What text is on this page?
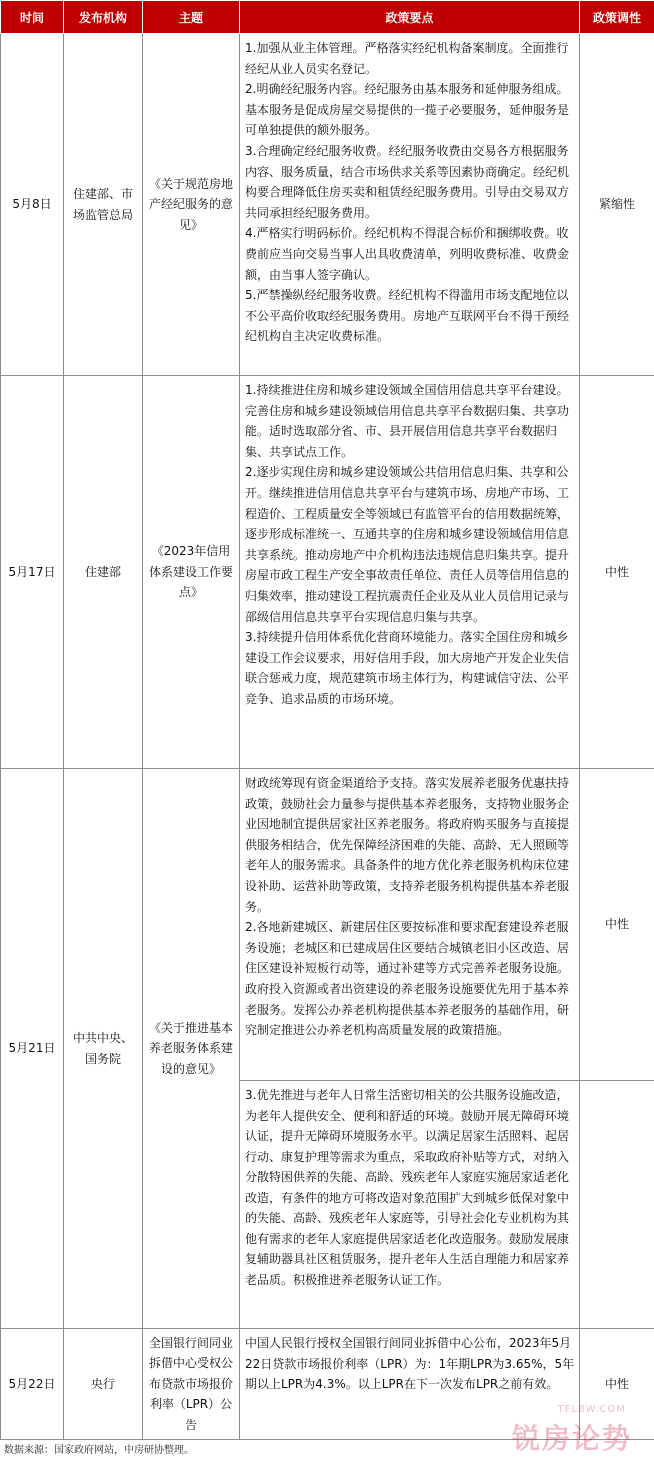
时间	发布机构	主题	政策要点	政策调性
5月8日	住建部、市场监管总局	《关于规范房地产经纪服务的意见》	1.加强从业主体管理。严格落实经纪机构备案制度。全面推行经纪从业人员实名登记。
2.明确经纪服务内容。经纪服务由基本服务和延伸服务组成。基本服务是促成房屋交易提供的一揽子必要服务，延伸服务是可单独提供的额外服务。
3.合理确定经纪服务收费。经纪服务收费由交易各方根据服务内容、服务质量，结合市场供求关系等因素协商确定。经纪机构要合理降低住房买卖和租赁经纪服务费用。引导由交易双方共同承担经纪服务费用。
4.严格实行明码标价。经纪机构不得混合标价和捆绑收费。收费前应当向交易当事人出具收费清单，列明收费标准、收费金额，由当事人签字确认。
5.严禁操纵经纪服务收费。经纪机构不得滥用市场支配地位以不公平高价收取经纪服务费用。房地产互联网平台不得干预经纪机构自主决定收费标准。	紧缩性
5月17日	住建部	《2023年信用体系建设工作要点》	1.持续推进住房和城乡建设领域全国信用信息共享平台建设。完善住房和城乡建设领域信用信息共享平台数据归集、共享功能。适时选取部分省、市、县开展信用信息共享平台数据归集、共享试点工作。
2.逐步实现住房和城乡建设领域公共信用信息归集、共享和公开。继续推进信用信息共享平台与建筑市场、房地产市场、工程造价、工程质量安全等领域已有监管平台的信用数据统筹，逐步形成标准统一、互通共享的住房和城乡建设领域信用信息共享系统。推动房地产中介机构违法违规信息归集共享。提升房屋市政工程生产安全事故责任单位、责任人员等信用信息的归集效率，推动建设工程抗震责任企业及从业人员信用记录与部级信用信息共享平台实现信息归集与共享。
3.持续提升信用体系优化营商环境能力。落实全国住房和城乡建设工作会议要求，用好信用手段，加大房地产开发企业失信联合惩戒力度，规范建筑市场主体行为，构建诚信守法、公平竞争、追求品质的市场环境。	中性
5月21日	中共中央、国务院	《关于推进基本养老服务体系建设的意见》	财政统筹现有资金渠道给予支持。落实发展养老服务优惠扶持政策，鼓励社会力量参与提供基本养老服务，支持物业服务企业因地制宜提供居家社区养老服务。将政府购买服务与直接提供服务相结合，优先保障经济困难的失能、高龄、无人照顾等老年人的服务需求。具备条件的地方优化养老服务机构床位建设补助、运营补助等政策，支持养老服务机构提供基本养老服务。
2.各地新建城区、新建居住区要按标准和要求配套建设养老服务设施；老城区和已建成居住区要结合城镇老旧小区改造、居住区建设补短板行动等，通过补建等方式完善养老服务设施。政府投入资源或者出资建设的养老服务设施要优先用于基本养老服务。发挥公办养老机构提供基本养老服务的基础作用，研究制定推进公办养老机构高质量发展的政策措施。	中性

			3.优先推进与老年人日常生活密切相关的公共服务设施改造，为老年人提供安全、便利和舒适的环境。鼓励开展无障碍环境认证，提升无障碍环境服务水平。以满足居家生活照料、起居行动、康复护理等需求为重点，采取政府补贴等方式，对纳入分散特困供养的失能、高龄、残疾老年人家庭实施居家适老化改造，有条件的地方可将改造对象范围扩大到城乡低保对象中的失能、高龄、残疾老年人家庭等，引导社会化专业机构为其他有需求的老年人家庭提供居家适老化改造服务。鼓励发展康复辅助器具社区租赁服务，提升老年人生活自理能力和居家养老品质。积极推进养老服务认证工作。	

5月22日	央行	全国银行间同业拆借中心受权公布贷款市场报价利率（LPR）公告	中国人民银行授权全国银行间同业拆借中心公布，2023年5月22日贷款市场报价利率（LPR）为：1年期LPR为3.65%，5年期以上LPR为4.3%。以上LPR在下一次发布LPR之前有效。	中性
数据来源：国家政府网站，中房研协整理。
TFLBW.COM
锐房论势
